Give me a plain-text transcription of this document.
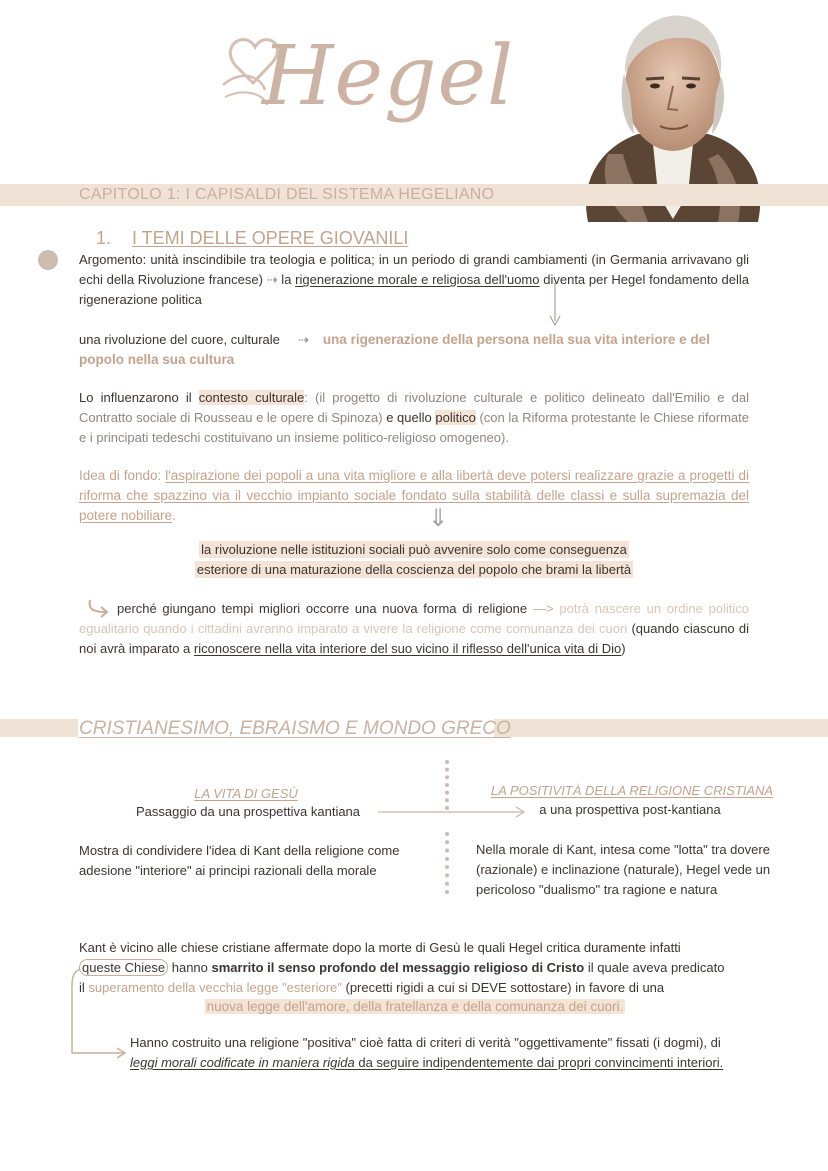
Hegel
CAPITOLO 1: I CAPISALDI DEL SISTEMA HEGELIANO
1. I TEMI DELLE OPERE GIOVANILI
Argomento: unità inscindibile tra teologia e politica; in un periodo di grandi cambiamenti (in Germania arrivavano gli echi della Rivoluzione francese) ⇢ la rigenerazione morale e religiosa dell'uomo diventa per Hegel fondamento della rigenerazione politica
una rivoluzione del cuore, culturale ⇢ una rigenerazione della persona nella sua vita interiore e del popolo nella sua cultura
Lo influenzarono il contesto culturale: (il progetto di rivoluzione culturale e politico delineato dall'Emilio e dal Contratto sociale di Rousseau e le opere di Spinoza) e quello politico (con la Riforma protestante le Chiese riformate e i principati tedeschi costituivano un insieme politico-religioso omogeneo).
Idea di fondo: l'aspirazione dei popoli a una vita migliore e alla libertà deve potersi realizzare grazie a progetti di riforma che spazzino via il vecchio impianto sociale fondato sulla stabilità delle classi e sulla supremazia del potere nobiliare.	⇓
la rivoluzione nelle istituzioni sociali può avvenire solo come conseguenza
esteriore di una maturazione della coscienza del popolo che brami la libertà
perché giungano tempi migliori occorre una nuova forma di religione —> potrà nascere un ordine politico egualitario quando i cittadini avranno imparato a vivere la religione come comunanza dei cuori (quando ciascuno di noi avrà imparato a riconoscere nella vita interiore del suo vicino il riflesso dell'unica vita di Dio)
CRISTIANESIMO, EBRAISMO E MONDO GRECO
LA VITA DI GESÙ
Passaggio da una prospettiva kantiana
LA POSITIVITÀ DELLA RELIGIONE CRISTIANA
a una prospettiva post-kantiana
Mostra di condividere l'idea di Kant della religione come adesione "interiore" ai principi razionali della morale
Nella morale di Kant, intesa come "lotta" tra dovere (razionale) e inclinazione (naturale), Hegel vede un pericoloso "dualismo" tra ragione e natura
Kant è vicino alle chiese cristiane affermate dopo la morte di Gesù le quali Hegel critica duramente infatti
queste Chiese hanno smarrito il senso profondo del messaggio religioso di Cristo il quale aveva predicato
il superamento della vecchia legge "esteriore" (precetti rigidi a cui si DEVE sottostare) in favore di una
nuova legge dell'amore, della fratellanza e della comunanza dei cuori.
Hanno costruito una religione "positiva" cioè fatta di criteri di verità "oggettivamente" fissati (i dogmi), di
leggi morali codificate in maniera rigida da seguire indipendentemente dai propri convincimenti interiori.
